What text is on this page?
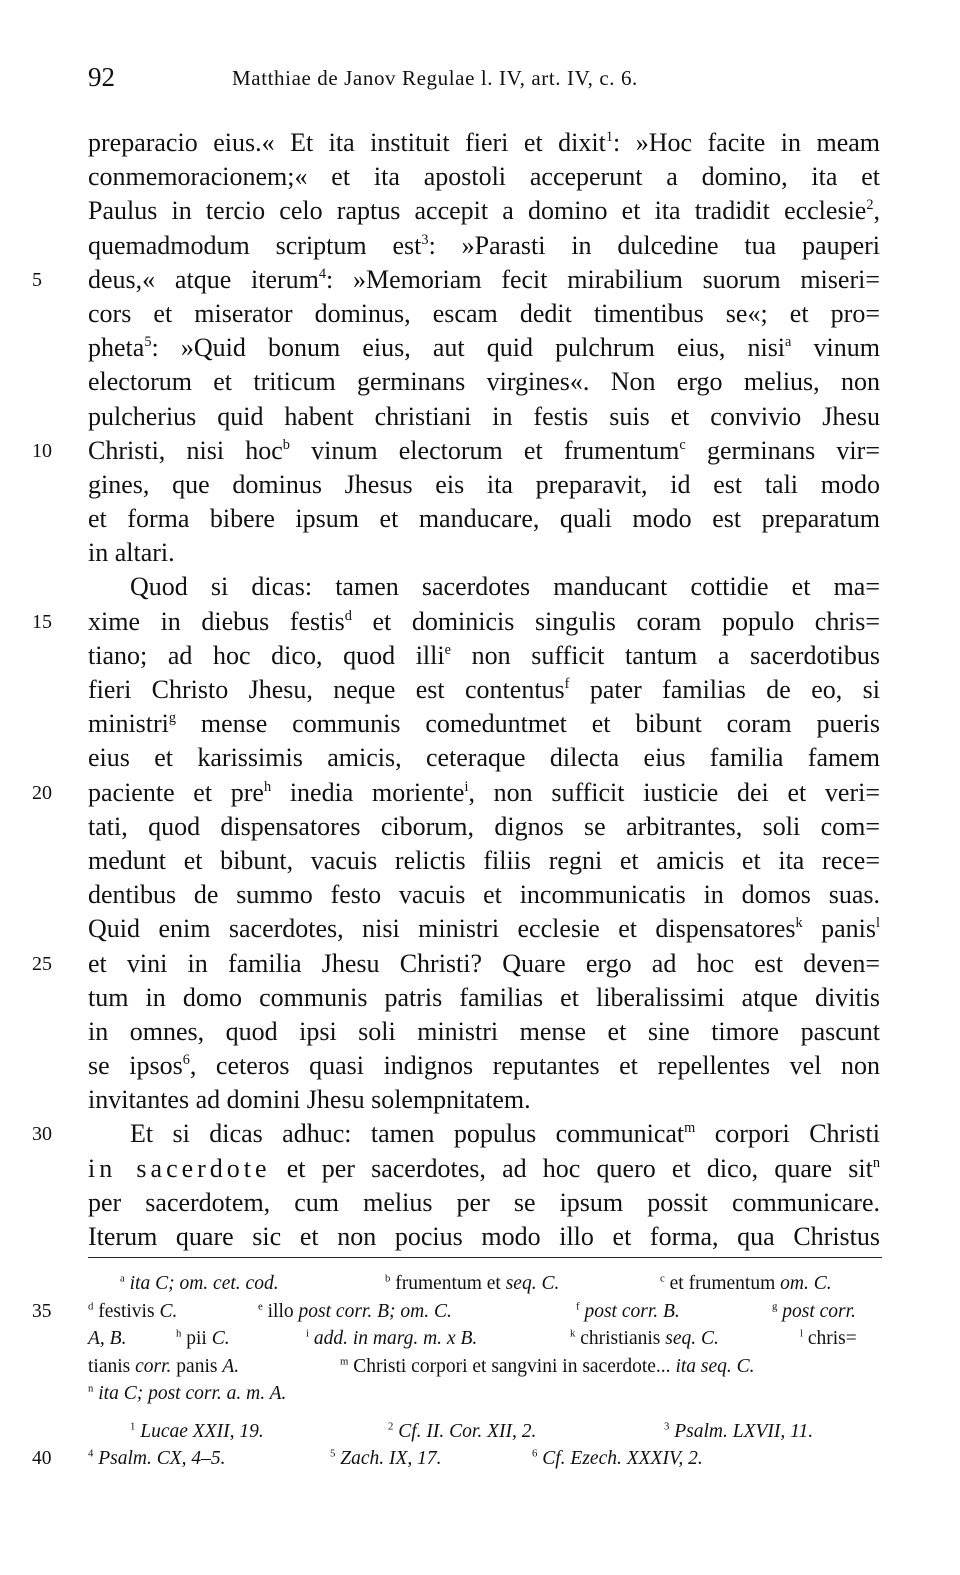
92	Matthiae de Janov Regulae l. IV, art. IV, c. 6.
preparacio eius.« Et ita instituit fieri et dixit$^1$: »Hoc facite in meam
conmemoracionem;« et ita apostoli acceperunt a domino, ita et
Paulus in tercio celo raptus accepit a domino et ita tradidit ecclesie$^2$,
quemadmodum scriptum est$^3$: »Parasti in dulcedine tua pauperi
5	deus,« atque iterum$^4$: »Memoriam fecit mirabilium suorum miseri=
cors et miserator dominus, escam dedit timentibus se«; et pro=
pheta$^5$: »Quid bonum eius, aut quid pulchrum eius, nisi$^a$ vinum
electorum et triticum germinans virgines«. Non ergo melius, non
pulcherius quid habent christiani in festis suis et convivio Jhesu
10	Christi, nisi hoc$^b$ vinum electorum et frumentum$^c$ germinans vir=
gines, que dominus Jhesus eis ita preparavit, id est tali modo
et forma bibere ipsum et manducare, quali modo est preparatum
in altari.
Quod si dicas: tamen sacerdotes manducant cottidie et ma=
15	xime in diebus festis$^d$ et dominicis singulis coram populo chris=
tiano; ad hoc dico, quod illi$^e$ non sufficit tantum a sacerdotibus
fieri Christo Jhesu, neque est contentus$^f$ pater familias de eo, si
ministri$^g$ mense communis comeduntmet et bibunt coram pueris
eius et karissimis amicis, ceteraque dilecta eius familia famem
20	paciente et pre$^h$ inedia moriente$^i$, non sufficit iusticie dei et veri=
tati, quod dispensatores ciborum, dignos se arbitrantes, soli com=
medunt et bibunt, vacuis relictis filiis regni et amicis et ita rece=
dentibus de summo festo vacuis et incommunicatis in domos suas.
Quid enim sacerdotes, nisi ministri ecclesie et dispensatores$^k$ panis$^l$
25	et vini in familia Jhesu Christi? Quare ergo ad hoc est deven=
tum in domo communis patris familias et liberalissimi atque divitis
in omnes, quod ipsi soli ministri mense et sine timore pascunt
se ipsos$^6$, ceteros quasi indignos reputantes et repellentes vel non
invitantes ad domini Jhesu solempnitatem.
30	Et si dicas adhuc: tamen populus communicat$^m$ corpori Christi
in sacerdote et per sacerdotes, ad hoc quero et dico, quare sit$^n$
per sacerdotem, cum melius per se ipsum possit communicare.
Iterum quare sic et non pocius modo illo et forma, qua Christus
$^a$ ita C; om. cet. cod.	$^b$ frumentum et seq. C.	$^c$ et frumentum om. C.
35	$^d$ festivis C.	$^e$ illo post corr. B; om. C.	$^f$ post corr. B.	$^g$ post corr.
A, B.	$^h$ pii C.	$^i$ add. in marg. m. x B.	$^k$ christianis seq. C.	$^l$ chris=
tianis corr. panis A.	$^m$ Christi corpori et sangvini in sacerdote... ita seq. C.
$^n$ ita C; post corr. a. m. A.
$^1$ Lucae XXII, 19.	$^2$ Cf. II. Cor. XII, 2.	$^3$ Psalm. LXVII, 11.
40	$^4$ Psalm. CX, 4–5.	$^5$ Zach. IX, 17.	$^6$ Cf. Ezech. XXXIV, 2.
